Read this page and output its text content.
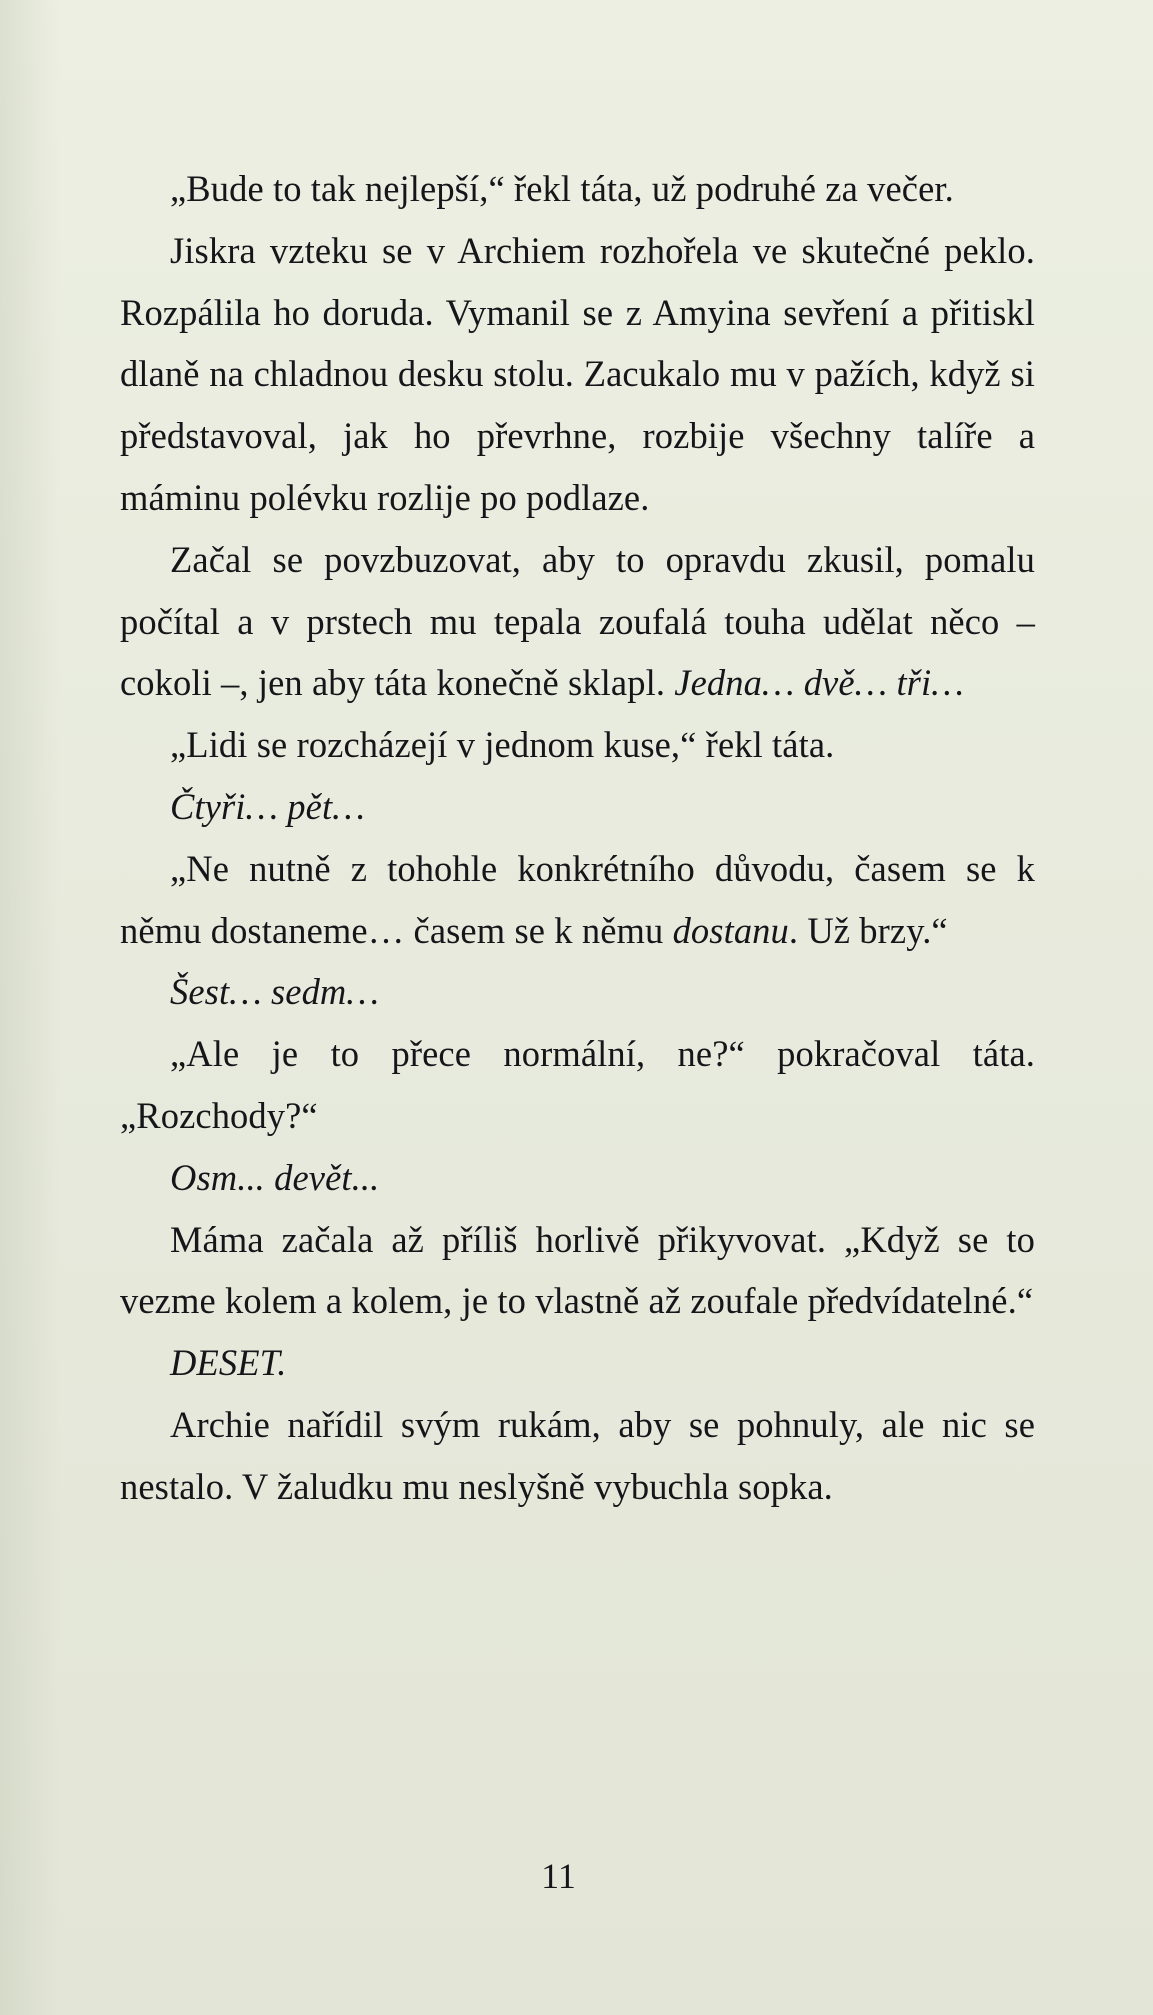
„Bude to tak nejlepší,“ řekl táta, už podruhé za večer.

Jiskra vzteku se v Archiem rozhořela ve skutečné peklo. Rozpálila ho doruda. Vymanil se z Amyina sevření a přitiskl dlaně na chladnou desku stolu. Zacukalo mu v pažích, když si představoval, jak ho převrhne, rozbije všechny talíře a máminu polévku rozlije po podlaze.

Začal se povzbuzovat, aby to opravdu zkusil, pomalu počítal a v prstech mu tepala zoufalá touha udělat něco – cokoli –, jen aby táta konečně sklapl. Jedna… dvě… tři…

„Lidi se rozcházejí v jednom kuse,“ řekl táta.

Čtyři… pět…

„Ne nutně z tohohle konkrétního důvodu, časem se k němu dostaneme… časem se k němu dostanu. Už brzy.“

Šest… sedm…

„Ale je to přece normální, ne?“ pokračoval táta. „Rozchody?“

Osm... devět...

Máma začala až příliš horlivě přikyvovat. „Když se to vezme kolem a kolem, je to vlastně až zoufale předvídatelné.“

DESET.

Archie nařídil svým rukám, aby se pohnuly, ale nic se nestalo. V žaludku mu neslyšně vybuchla sopka.

11
